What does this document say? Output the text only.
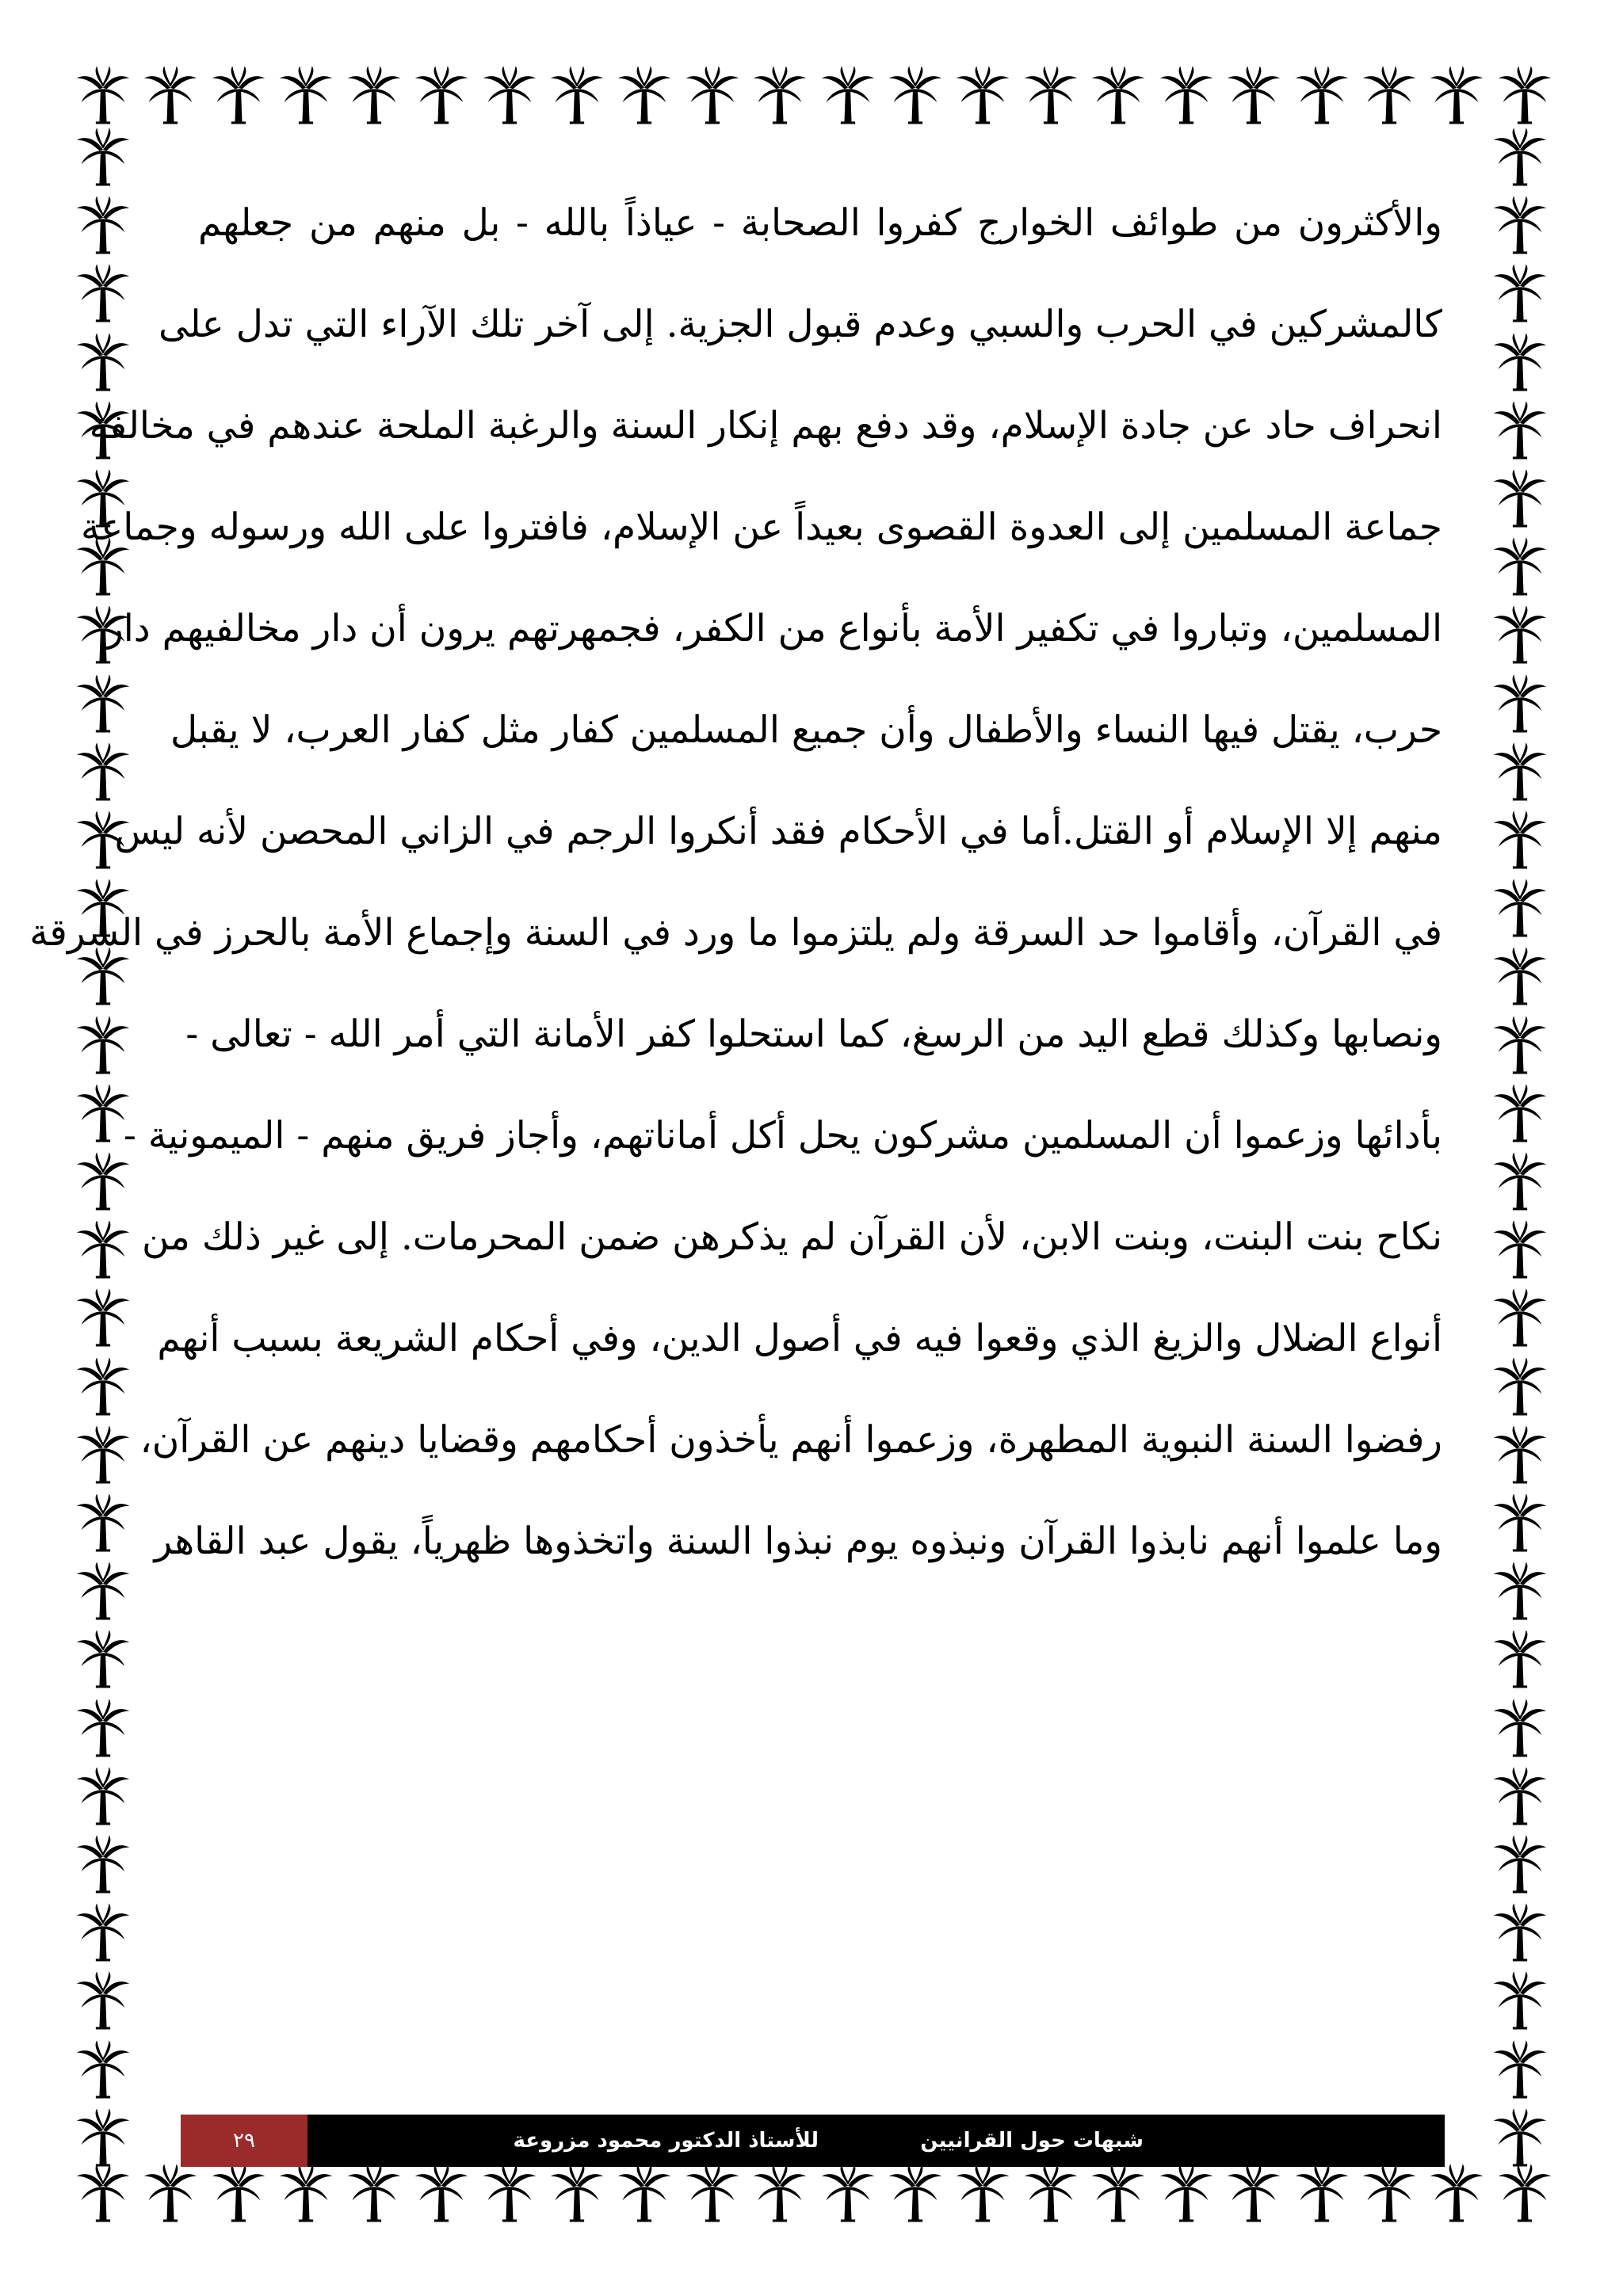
والأكثرون من طوائف الخوارج كفروا الصحابة - عياذاً بالله - بل منهم من جعلهم
كالمشركين في الحرب والسبي وعدم قبول الجزية. إلى آخر تلك الآراء التي تدل على
انحراف حاد عن جادة الإسلام، وقد دفع بهم إنكار السنة والرغبة الملحة عندهم في مخالفة
جماعة المسلمين إلى العدوة القصوى بعيداً عن الإسلام، فافتروا على الله ورسوله وجماعة
المسلمين، وتباروا في تكفير الأمة بأنواع من الكفر، فجمهرتهم يرون أن دار مخالفيهم دار
حرب، يقتل فيها النساء والأطفال وأن جميع المسلمين كفار مثل كفار العرب، لا يقبل
منهم إلا الإسلام أو القتل.أما في الأحكام فقد أنكروا الرجم في الزاني المحصن لأنه ليس
في القرآن، وأقاموا حد السرقة ولم يلتزموا ما ورد في السنة وإجماع الأمة بالحرز في السرقة
ونصابها وكذلك قطع اليد من الرسغ، كما استحلوا كفر الأمانة التي أمر الله - تعالى -
بأدائها وزعموا أن المسلمين مشركون يحل أكل أماناتهم، وأجاز فريق منهم - الميمونية -
نكاح بنت البنت، وبنت الابن، لأن القرآن لم يذكرهن ضمن المحرمات. إلى غير ذلك من
أنواع الضلال والزيغ الذي وقعوا فيه في أصول الدين، وفي أحكام الشريعة بسبب أنهم
رفضوا السنة النبوية المطهرة، وزعموا أنهم يأخذون أحكامهم وقضايا دينهم عن القرآن،
وما علموا أنهم نابذوا القرآن ونبذوه يوم نبذوا السنة واتخذوها ظهرياً، يقول عبد القاهر
شبهات حول القرانيين
للأستاذ الدكتور محمود مزروعة
٢٩
